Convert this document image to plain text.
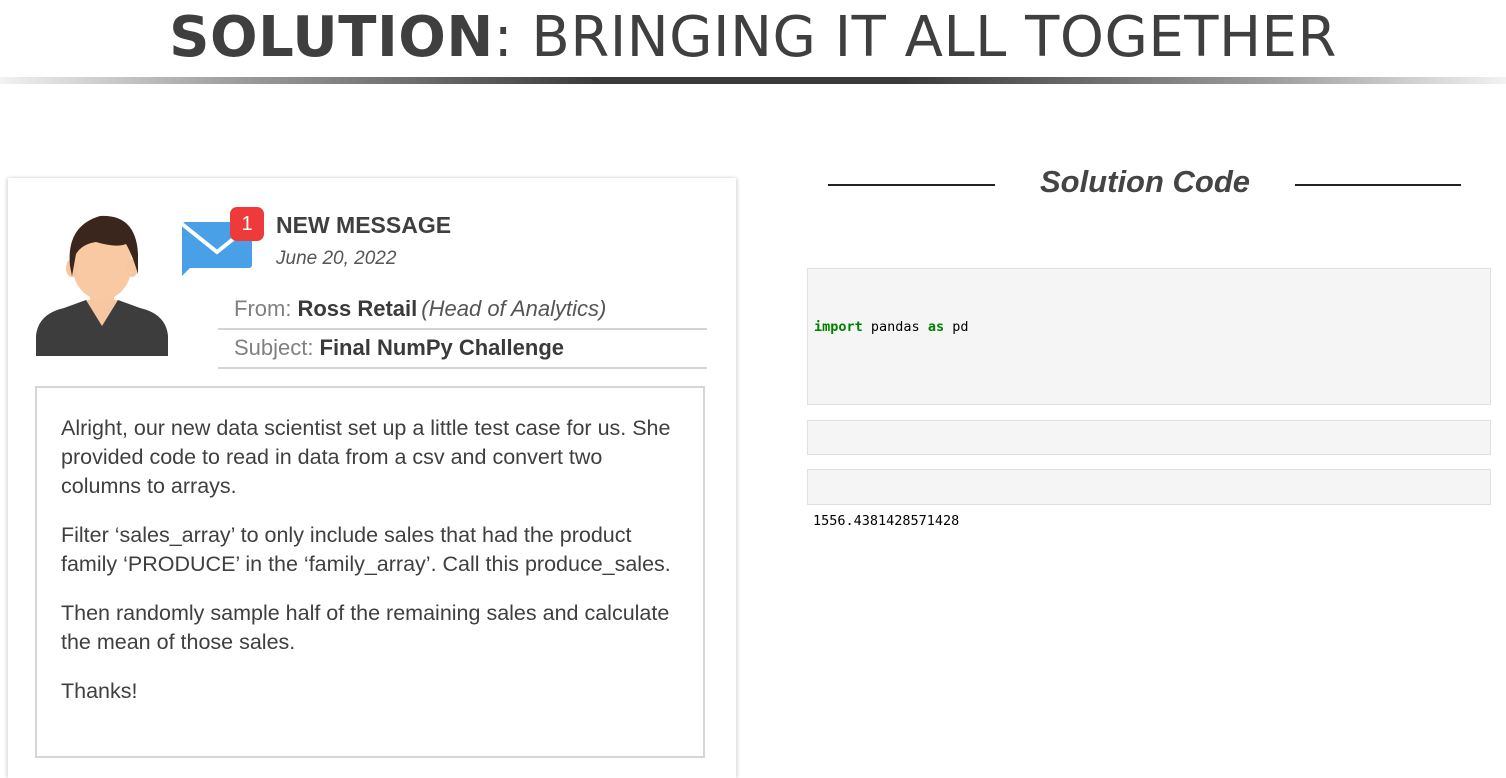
SOLUTION: BRINGING IT ALL TOGETHER
1	NEW MESSAGE
June 20, 2022
From: Ross Retail (Head of Analytics)
Subject: Final NumPy Challenge

Alright, our new data scientist set up a little test case for us. She provided code to read in data from a csv and convert two columns to arrays.

Filter ‘sales_array’ to only include sales that had the product family ‘PRODUCE’ in the ‘family_array’. Call this produce_sales.

Then randomly sample half of the remaining sales and calculate the mean of those sales.

Thanks!

Solution Code

import pandas as pd

1556.4381428571428
